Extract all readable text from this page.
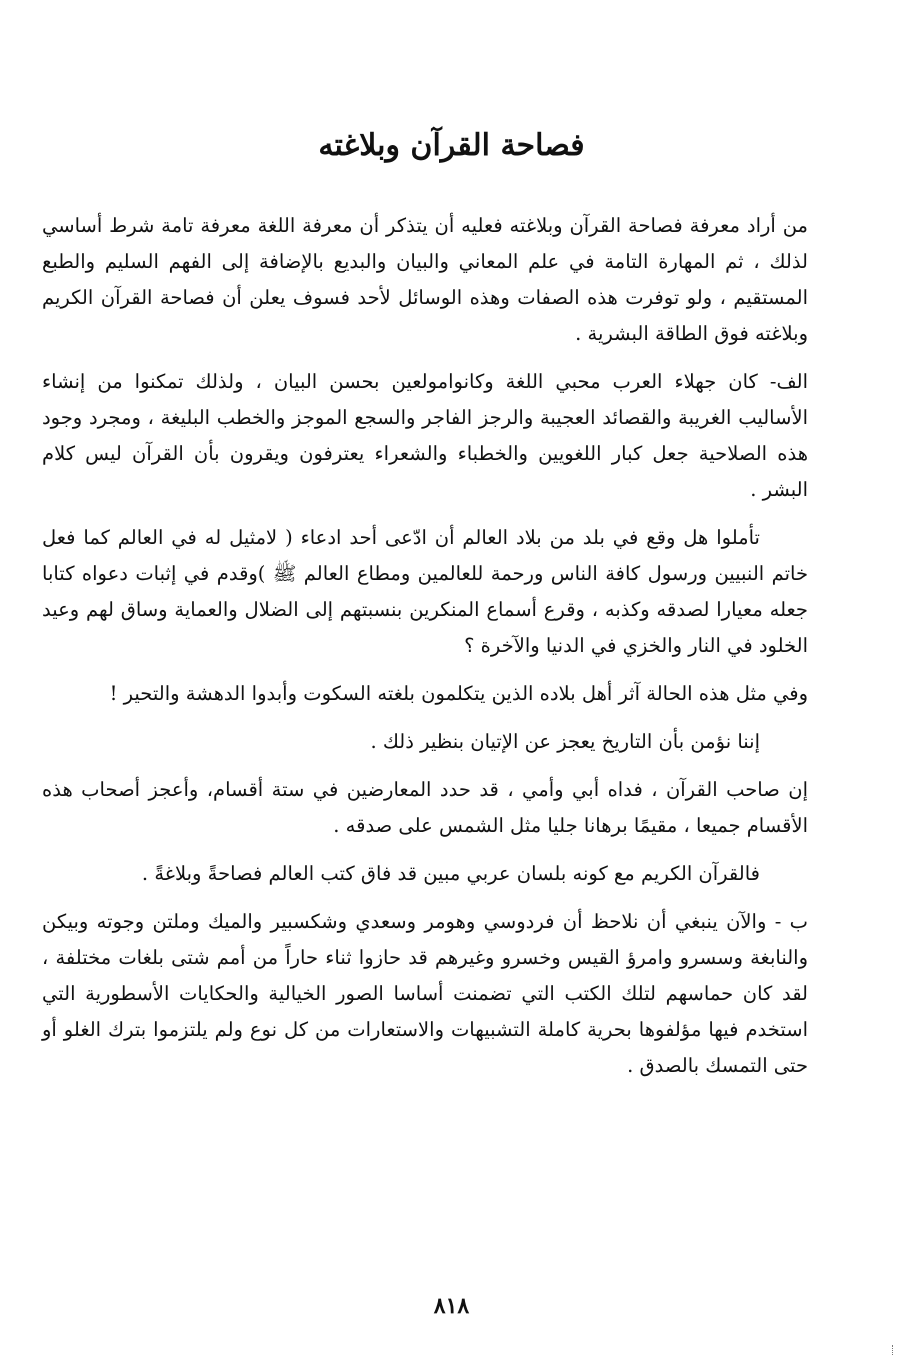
فصاحة القرآن وبلاغته

من أراد معرفة فصاحة القرآن وبلاغته فعليه أن يتذكر أن معرفة اللغة معرفة تامة شرط أساسي لذلك ، ثم المهارة التامة في علم المعاني والبيان والبديع بالإضافة إلى الفهم السليم والطبع المستقيم ، ولو توفرت هذه الصفات وهذه الوسائل لأحد فسوف يعلن أن فصاحة القرآن الكريم وبلاغته فوق الطاقة البشرية .

الف- كان جهلاء العرب محبي اللغة وكانوامولعين بحسن البيان ، ولذلك تمكنوا من إنشاء الأساليب الغريبة والقصائد العجيبة والرجز الفاجر والسجع الموجز والخطب البليغة ، ومجرد وجود هذه الصلاحية جعل كبار اللغويين والخطباء والشعراء يعترفون ويقرون بأن القرآن ليس كلام البشر .

تأملوا هل وقع في بلد من بلاد العالم أن ادّعى أحد ادعاء ( لامثيل له في العالم كما فعل خاتم النبيين ورسول كافة الناس ورحمة للعالمين ومطاع العالم ﷺ )وقدم في إثبات دعواه كتابا جعله معيارا لصدقه وكذبه ، وقرع أسماع المنكرين بنسبتهم إلى الضلال والعماية وساق لهم وعيد الخلود في النار والخزي في الدنيا والآخرة ؟

وفي مثل هذه الحالة آثر أهل بلاده الذين يتكلمون بلغته السكوت وأبدوا الدهشة والتحير !

إننا نؤمن بأن التاريخ يعجز عن الإتيان بنظير ذلك .

إن صاحب القرآن ، فداه أبي وأمي ، قد حدد المعارضين في ستة أقسام، وأعجز أصحاب هذه الأقسام جميعا ، مقيمًا برهانا جليا مثل الشمس على صدقه .

فالقرآن الكريم مع كونه بلسان عربي مبين قد فاق كتب العالم فصاحةً وبلاغةً .

ب - والآن ينبغي أن نلاحظ أن فردوسي وهومر وسعدي وشكسبير والميك وملتن وجوته وبيكن والنابغة وسسرو وامرؤ القيس وخسرو وغيرهم قد حازوا ثناء حاراً من أمم شتى بلغات مختلفة ، لقد كان حماسهم لتلك الكتب التي تضمنت أساسا الصور الخيالية والحكايات الأسطورية التي استخدم فيها مؤلفوها بحرية كاملة التشبيهات والاستعارات من كل نوع ولم يلتزموا بترك الغلو أو حتى التمسك بالصدق .

٨١٨
